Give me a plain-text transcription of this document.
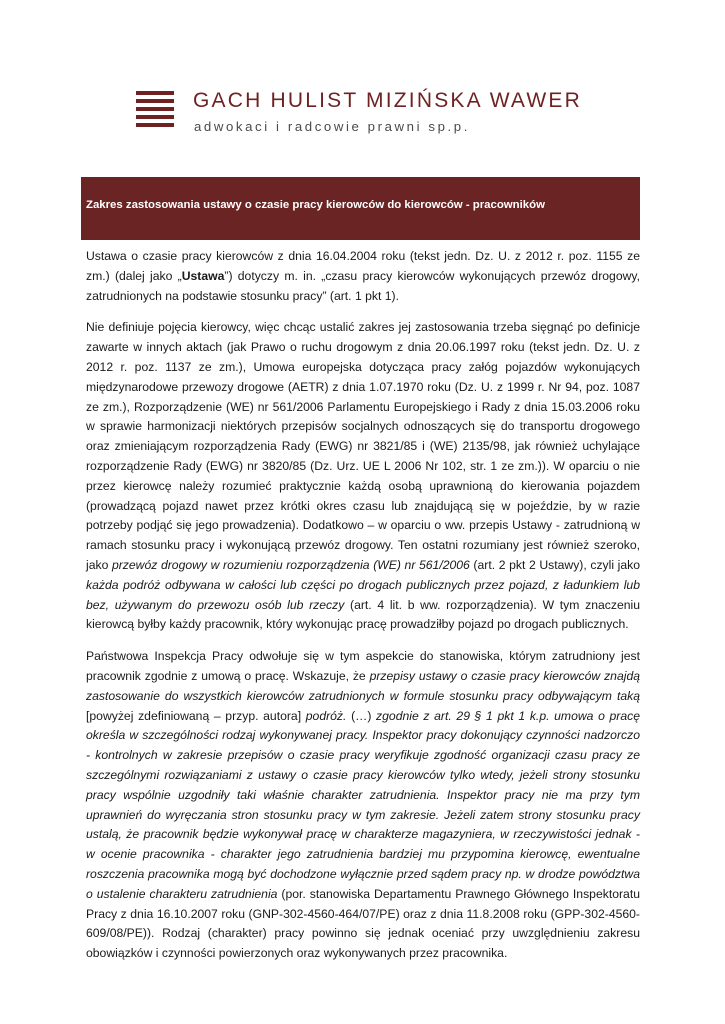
GACH HULIST MIZIŃSKA WAWER
adwokaci i radcowie prawni sp.p.
Zakres zastosowania ustawy o czasie pracy kierowców do kierowców - pracowników

Ustawa o czasie pracy kierowców z dnia 16.04.2004 roku (tekst jedn. Dz. U. z 2012 r. poz. 1155 ze zm.) (dalej jako „Ustawa”) dotyczy m. in. „czasu pracy kierowców wykonujących przewóz drogowy, zatrudnionych na podstawie stosunku pracy” (art. 1 pkt 1).

Nie definiuje pojęcia kierowcy, więc chcąc ustalić zakres jej zastosowania trzeba sięgnąć po definicje zawarte w innych aktach (jak Prawo o ruchu drogowym z dnia 20.06.1997 roku (tekst jedn. Dz. U. z 2012 r. poz. 1137 ze zm.), Umowa europejska dotycząca pracy załóg pojazdów wykonujących międzynarodowe przewozy drogowe (AETR) z dnia 1.07.1970 roku (Dz. U. z 1999 r. Nr 94, poz. 1087 ze zm.), Rozporządzenie (WE) nr 561/2006 Parlamentu Europejskiego i Rady z dnia 15.03.2006 roku w sprawie harmonizacji niektórych przepisów socjalnych odnoszących się do transportu drogowego oraz zmieniającym rozporządzenia Rady (EWG) nr 3821/85 i (WE) 2135/98, jak również uchylające rozporządzenie Rady (EWG) nr 3820/85 (Dz. Urz. UE L 2006 Nr 102, str. 1 ze zm.)). W oparciu o nie przez kierowcę należy rozumieć praktycznie każdą osobą uprawnioną do kierowania pojazdem (prowadzącą pojazd nawet przez krótki okres czasu lub znajdującą się w pojeździe, by w razie potrzeby podjąć się jego prowadzenia). Dodatkowo – w oparciu o ww. przepis Ustawy - zatrudnioną w ramach stosunku pracy i wykonującą przewóz drogowy. Ten ostatni rozumiany jest również szeroko, jako przewóz drogowy w rozumieniu rozporządzenia (WE) nr 561/2006 (art. 2 pkt 2 Ustawy), czyli jako każda podróż odbywana w całości lub części po drogach publicznych przez pojazd, z ładunkiem lub bez, używanym do przewozu osób lub rzeczy (art. 4 lit. b ww. rozporządzenia). W tym znaczeniu kierowcą byłby każdy pracownik, który wykonując pracę prowadziłby pojazd po drogach publicznych.

Państwowa Inspekcja Pracy odwołuje się w tym aspekcie do stanowiska, którym zatrudniony jest pracownik zgodnie z umową o pracę. Wskazuje, że przepisy ustawy o czasie pracy kierowców znajdą zastosowanie do wszystkich kierowców zatrudnionych w formule stosunku pracy odbywającym taką [powyżej zdefiniowaną – przyp. autora] podróż. (…) zgodnie z art. 29 § 1 pkt 1 k.p. umowa o pracę określa w szczególności rodzaj wykonywanej pracy. Inspektor pracy dokonujący czynności nadzorczo - kontrolnych w zakresie przepisów o czasie pracy weryfikuje zgodność organizacji czasu pracy ze szczególnymi rozwiązaniami z ustawy o czasie pracy kierowców tylko wtedy, jeżeli strony stosunku pracy wspólnie uzgodniły taki właśnie charakter zatrudnienia. Inspektor pracy nie ma przy tym uprawnień do wyręczania stron stosunku pracy w tym zakresie. Jeżeli zatem strony stosunku pracy ustalą, że pracownik będzie wykonywał pracę w charakterze magazyniera, w rzeczywistości jednak - w ocenie pracownika - charakter jego zatrudnienia bardziej mu przypomina kierowcę, ewentualne roszczenia pracownika mogą być dochodzone wyłącznie przed sądem pracy np. w drodze powództwa o ustalenie charakteru zatrudnienia (por. stanowiska Departamentu Prawnego Głównego Inspektoratu Pracy z dnia 16.10.2007 roku (GNP-302-4560-464/07/PE) oraz z dnia 11.8.2008 roku (GPP-302-4560-609/08/PE)). Rodzaj (charakter) pracy powinno się jednak oceniać przy uwzględnieniu zakresu obowiązków i czynności powierzonych oraz wykonywanych przez pracownika.
